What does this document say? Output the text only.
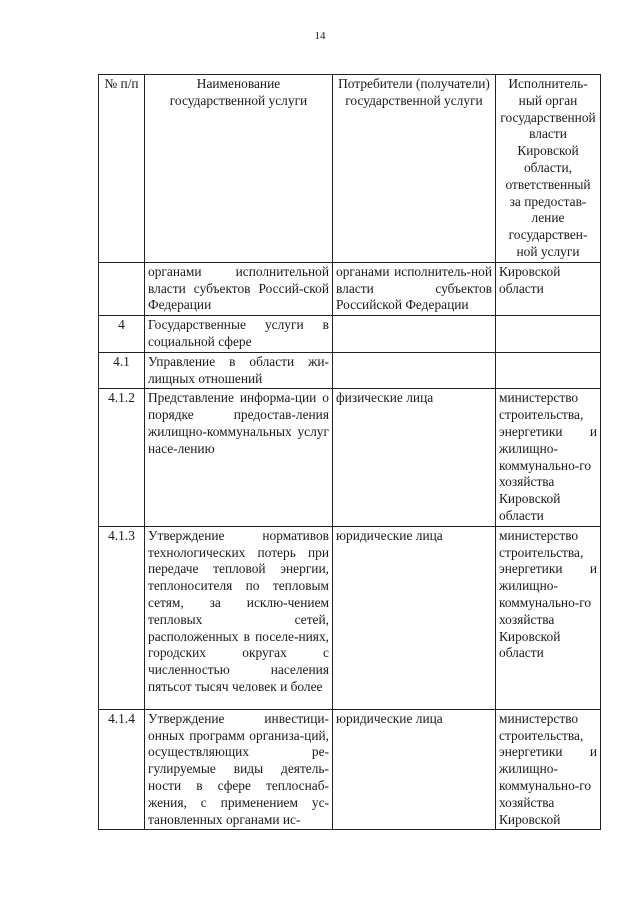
14
№ п/п	Наименование государственной услуги	Потребители (получатели) государственной услуги	Исполнитель-ный орган государственной власти Кировской области, ответственный за предостав-ление государствен-ной услуги
	органами исполнительной власти субъектов Россий-ской Федерации	органами исполнитель-ной власти субъектов Российской Федерации	Кировской области
4	Государственные услуги в социальной сфере		
4.1	Управление в области жи-лищных отношений		
4.1.2	Представление информа-ции о порядке предостав-ления жилищно-коммунальных услуг насе-лению	физические лица	министерство строительства, энергетики и жилищно-коммунально-го хозяйства Кировской области
4.1.3	Утверждение нормативов технологических потерь при передаче тепловой энергии, теплоносителя по тепловым сетям, за исклю-чением тепловых сетей, расположенных в поселе-ниях, городских округах с численностью населения пятьсот тысяч человек и более	юридические лица	министерство строительства, энергетики и жилищно-коммунально-го хозяйства Кировской области
4.1.4	Утверждение инвестици-онных программ организа-ций, осуществляющих ре-гулируемые виды деятель-ности в сфере теплоснаб-жения, с применением ус-тановленных органами ис-	юридические лица	министерство строительства, энергетики и жилищно-коммунально-го хозяйства Кировской
